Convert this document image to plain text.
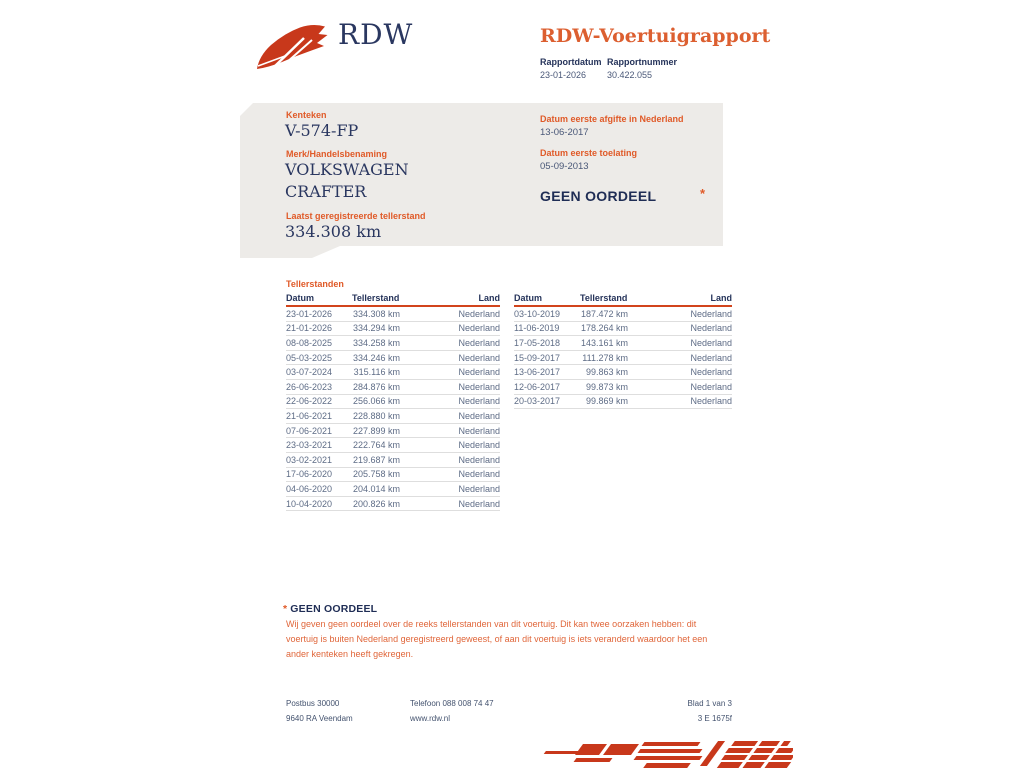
RDW	RDW-Voertuigrapport
Rapportdatum Rapportnummer
23-01-2026 30.422.055
Kenteken
V-574-FP
Merk/Handelsbenaming
VOLKSWAGEN
CRAFTER
Laatst geregistreerde tellerstand
334.308 km
Datum eerste afgifte in Nederland
13-06-2017
Datum eerste toelating
05-09-2013
GEEN OORDEEL	*
Tellerstanden
Datum	Tellerstand	Land
23-01-2026	334.308 km	Nederland
21-01-2026	334.294 km	Nederland
08-08-2025	334.258 km	Nederland
05-03-2025	334.246 km	Nederland
03-07-2024	315.116 km	Nederland
26-06-2023	284.876 km	Nederland
22-06-2022	256.066 km	Nederland
21-06-2021	228.880 km	Nederland
07-06-2021	227.899 km	Nederland
23-03-2021	222.764 km	Nederland
03-02-2021	219.687 km	Nederland
17-06-2020	205.758 km	Nederland
04-06-2020	204.014 km	Nederland
10-04-2020	200.826 km	Nederland
Datum	Tellerstand	Land
03-10-2019	187.472 km	Nederland
11-06-2019	178.264 km	Nederland
17-05-2018	143.161 km	Nederland
15-09-2017	111.278 km	Nederland
13-06-2017	99.863 km	Nederland
12-06-2017	99.873 km	Nederland
20-03-2017	99.869 km	Nederland
* GEEN OORDEEL
Wij geven geen oordeel over de reeks tellerstanden van dit voertuig. Dit kan twee oorzaken hebben: dit voertuig is buiten Nederland geregistreerd geweest, of aan dit voertuig is iets veranderd waardoor het een ander kenteken heeft gekregen.
Postbus 30000
9640 RA Veendam
Telefoon 088 008 74 47
www.rdw.nl
Blad 1 van 3
3 E 1675f
